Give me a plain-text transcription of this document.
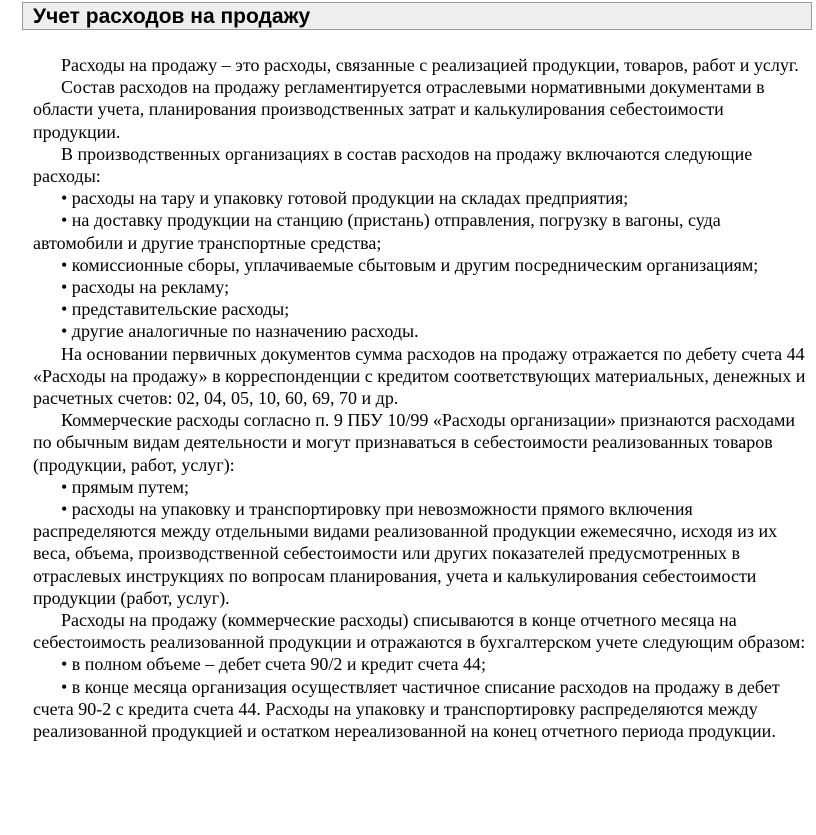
Учет расходов на продажу

Расходы на продажу – это расходы, связанные с реализацией продукции, товаров, работ и услуг.

Состав расходов на продажу регламентируется отраслевыми нормативными документами в области учета, планирования производственных затрат и калькулирования себестоимости продукции.

В производственных организациях в состав расходов на продажу включаются следующие расходы:

• расходы на тару и упаковку готовой продукции на складах предприятия;

• на доставку продукции на станцию (пристань) отправления, погрузку в вагоны, суда автомобили и другие транспортные средства;

• комиссионные сборы, уплачиваемые сбытовым и другим посредническим организациям;

• расходы на рекламу;

• представительские расходы;

• другие аналогичные по назначению расходы.

На основании первичных документов сумма расходов на продажу отражается по дебету счета 44 «Расходы на продажу» в корреспонденции с кредитом соответствующих материальных, денежных и расчетных счетов: 02, 04, 05, 10, 60, 69, 70 и др.

Коммерческие расходы согласно п. 9 ПБУ 10/99 «Расходы организации» признаются расходами по обычным видам деятельности и могут признаваться в себестоимости реализованных товаров (продукции, работ, услуг):

• прямым путем;

• расходы на упаковку и транспортировку при невозможности прямого включения распределяются между отдельными видами реализованной продукции ежемесячно, исходя из их веса, объема, производственной себестоимости или других показателей предусмотренных в отраслевых инструкциях по вопросам планирования, учета и калькулирования себестоимости продукции (работ, услуг).

Расходы на продажу (коммерческие расходы) списываются в конце отчетного месяца на себестоимость реализованной продукции и отражаются в бухгалтерском учете следующим образом:

• в полном объеме – дебет счета 90/2 и кредит счета 44;

• в конце месяца организация осуществляет частичное списание расходов на продажу в дебет счета 90-2 с кредита счета 44. Расходы на упаковку и транспортировку распределяются между реализованной продукцией и остатком нереализованной на конец отчетного периода продукции.
